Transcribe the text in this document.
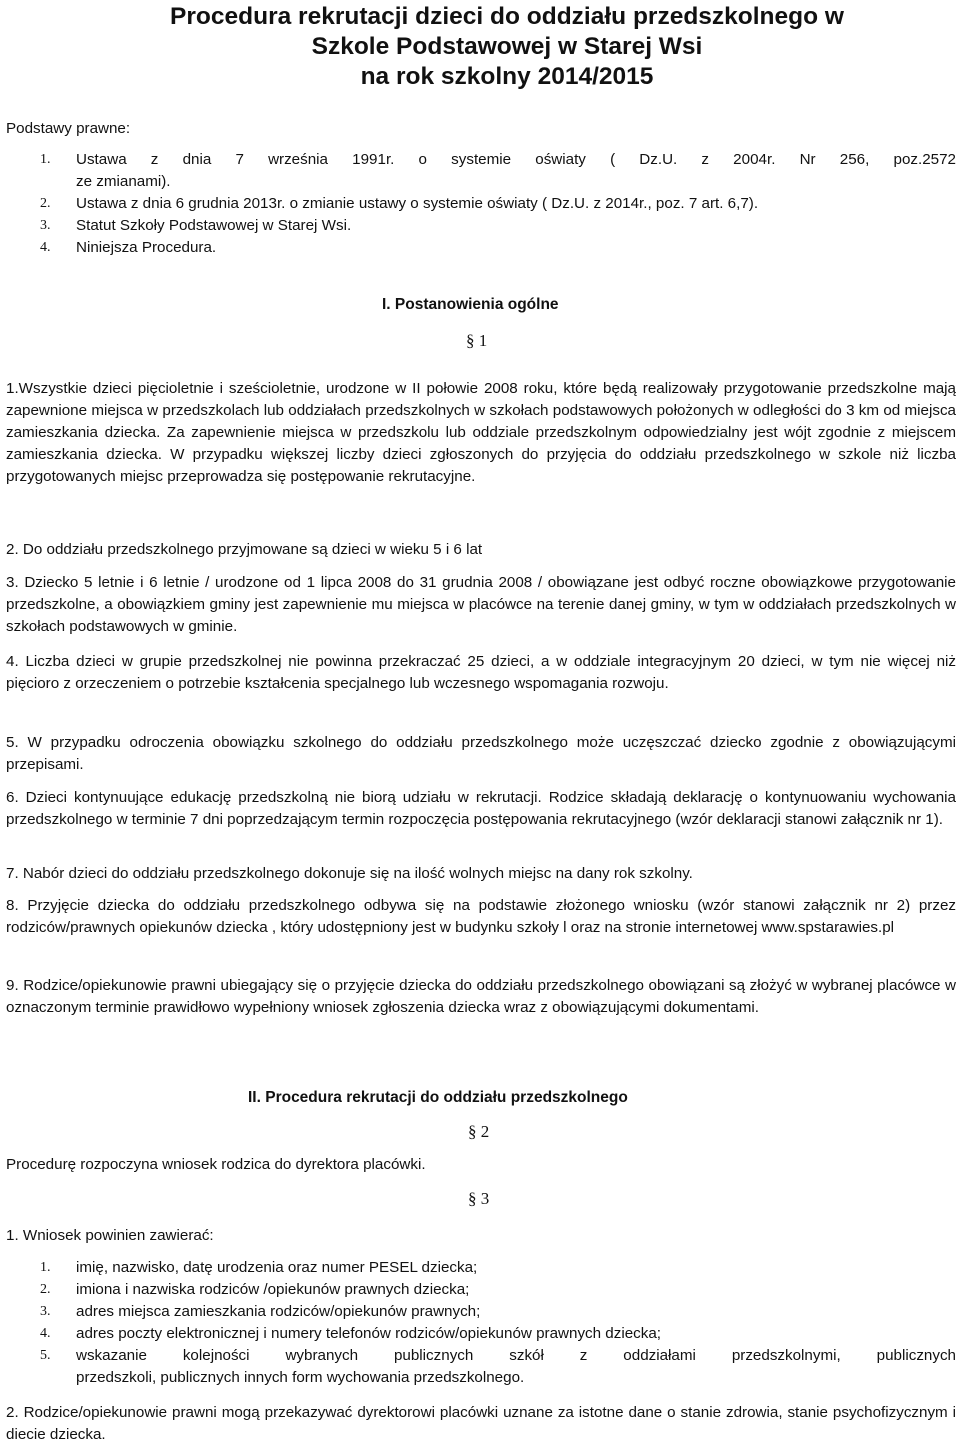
Procedura rekrutacji dzieci do oddziału przedszkolnego w
Szkole Podstawowej w Starej Wsi
na rok szkolny 2014/2015
Podstawy prawne:
1. Ustawa z dnia 7 września 1991r. o systemie oświaty ( Dz.U. z 2004r. Nr 256, poz.2572
ze zmianami).
2. Ustawa z dnia 6 grudnia 2013r. o zmianie ustawy o systemie oświaty ( Dz.U. z 2014r., poz. 7 art. 6,7).
3. Statut Szkoły Podstawowej w Starej Wsi.
4. Niniejsza Procedura.
I. Postanowienia ogólne
§ 1

1.Wszystkie dzieci pięcioletnie i sześcioletnie, urodzone w II połowie 2008 roku, które będą realizowały przygotowanie przedszkolne mają zapewnione miejsca w przedszkolach lub oddziałach przedszkolnych w szkołach podstawowych położonych w odległości do 3 km od miejsca zamieszkania dziecka. Za zapewnienie miejsca w przedszkolu lub oddziale przedszkolnym odpowiedzialny jest wójt zgodnie z miejscem zamieszkania dziecka. W przypadku większej liczby dzieci zgłoszonych do przyjęcia do oddziału przedszkolnego w szkole niż liczba przygotowanych miejsc przeprowadza się postępowanie rekrutacyjne.

2. Do oddziału przedszkolnego przyjmowane są dzieci w wieku 5 i 6 lat

3. Dziecko 5 letnie i 6 letnie / urodzone od 1 lipca 2008 do 31 grudnia 2008 / obowiązane jest odbyć roczne obowiązkowe przygotowanie przedszkolne, a obowiązkiem gminy jest zapewnienie mu miejsca w placówce na terenie danej gminy, w tym w oddziałach przedszkolnych w szkołach podstawowych w gminie.

4. Liczba dzieci w grupie przedszkolnej nie powinna przekraczać 25 dzieci, a w oddziale integracyjnym 20 dzieci, w tym nie więcej niż pięcioro z orzeczeniem o potrzebie kształcenia specjalnego lub wczesnego wspomagania rozwoju.

5. W przypadku odroczenia obowiązku szkolnego do oddziału przedszkolnego może uczęszczać dziecko zgodnie z obowiązującymi przepisami.

6. Dzieci kontynuujące edukację przedszkolną nie biorą udziału w rekrutacji. Rodzice składają deklarację o kontynuowaniu wychowania przedszkolnego w terminie 7 dni poprzedzającym termin rozpoczęcia postępowania rekrutacyjnego (wzór deklaracji stanowi załącznik nr 1).

7. Nabór dzieci do oddziału przedszkolnego dokonuje się na ilość wolnych miejsc na dany rok szkolny.

8. Przyjęcie dziecka do oddziału przedszkolnego odbywa się na podstawie złożonego wniosku (wzór stanowi załącznik nr 2) przez rodziców/prawnych opiekunów dziecka , który udostępniony jest w budynku szkoły l oraz na stronie internetowej www.spstarawies.pl

9. Rodzice/opiekunowie prawni ubiegający się o przyjęcie dziecka do oddziału przedszkolnego obowiązani są złożyć w wybranej placówce w oznaczonym terminie prawidłowo wypełniony wniosek zgłoszenia dziecka wraz z obowiązującymi dokumentami.

II. Procedura rekrutacji do oddziału przedszkolnego
§ 2
Procedurę rozpoczyna wniosek rodzica do dyrektora placówki.
§ 3
1. Wniosek powinien zawierać:
1. imię, nazwisko, datę urodzenia oraz numer PESEL dziecka;
2. imiona i nazwiska rodziców /opiekunów prawnych dziecka;
3. adres miejsca zamieszkania rodziców/opiekunów prawnych;
4. adres poczty elektronicznej i numery telefonów rodziców/opiekunów prawnych dziecka;
5. wskazanie kolejności wybranych publicznych szkół z oddziałami przedszkolnymi, publicznych
przedszkoli, publicznych innych form wychowania przedszkolnego.

2. Rodzice/opiekunowie prawni mogą przekazywać dyrektorowi placówki uznane za istotne dane o stanie zdrowia, stanie psychofizycznym i diecie dziecka.
